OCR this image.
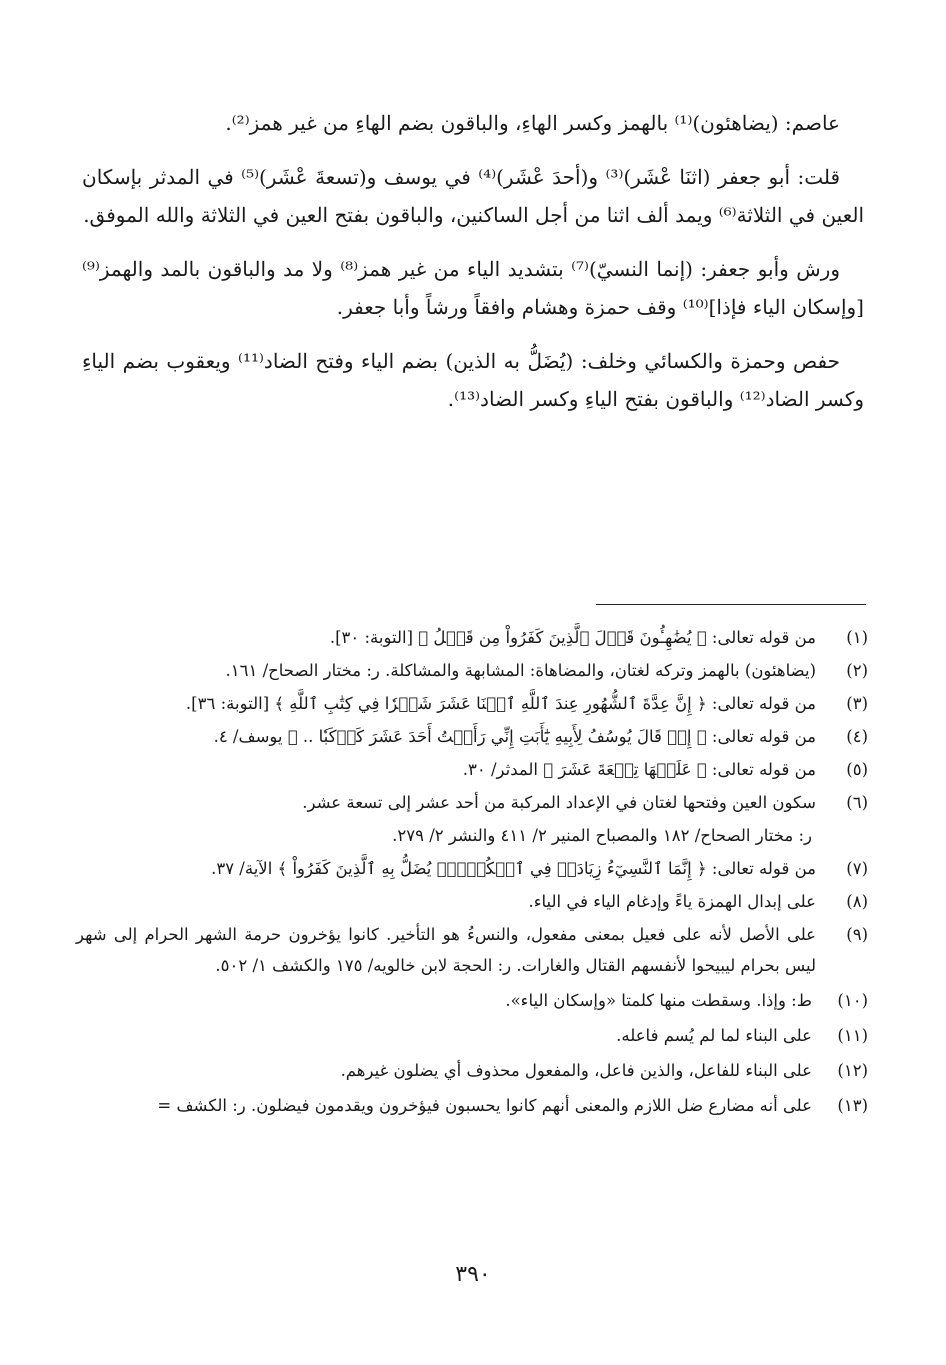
عاصم: (يضاهئون)⁽¹⁾ بالهمز وكسر الهاءِ، والباقون بضم الهاءِ من غير همز⁽²⁾.

قلت: أبو جعفر (اثنَا عْشَر)⁽³⁾ و(أحدَ عْشَر)⁽⁴⁾ في يوسف و(تسعةَ عْشَر)⁽⁵⁾ في المدثر بإسكان العين في الثلاثة⁽⁶⁾ ويمد ألف اثنا من أجل الساكنين، والباقون بفتح العين في الثلاثة والله الموفق.

ورش وأبو جعفر: (إنما النسيّ)⁽⁷⁾ بتشديد الياء من غير همز⁽⁸⁾ ولا مد والباقون بالمد والهمز⁽⁹⁾ [وإسكان الياء فإذا]⁽¹⁰⁾ وقف حمزة وهشام وافقاً ورشاً وأبا جعفر.

حفص وحمزة والكسائي وخلف: (يُضَلُّ به الذين) بضم الياء وفتح الضاد⁽¹¹⁾ ويعقوب بضم الياءِ وكسر الضاد⁽¹²⁾ والباقون بفتح الياءِ وكسر الضاد⁽¹³⁾.

(١)
من قوله تعالى: ﴿ يُضَٰهِـُٔونَ قَوۡلَ ٱلَّذِينَ كَفَرُواْ مِن قَبۡلُ ﴾ [التوبة: ٣٠].
(٢)
(يضاهئون) بالهمز وتركه لغتان، والمضاهاة: المشابهة والمشاكلة. ر: مختار الصحاح/ ١٦١.
(٣)
من قوله تعالى: ﴿ إِنَّ عِدَّةَ ٱلشُّهُورِ عِندَ ٱللَّهِ ٱثۡنَا عَشَرَ شَهۡرٗا فِي كِتَٰبِ ٱللَّهِ ﴾ [التوبة: ٣٦].
(٤)
من قوله تعالى: ﴿ إِذۡ قَالَ يُوسُفُ لِأَبِيهِ يَٰٓأَبَتِ إِنِّي رَأَيۡتُ أَحَدَ عَشَرَ كَوۡكَبٗا .. ﴾ يوسف/ ٤.
(٥)
من قوله تعالى: ﴿ عَلَيۡهَا تِسۡعَةَ عَشَرَ ﴾ المدثر/ ٣٠.
(٦)
سكون العين وفتحها لغتان في الإعداد المركبة من أحد عشر إلى تسعة عشر.
ر: مختار الصحاح/ ١٨٢ والمصباح المنير ٢/ ٤١١ والنشر ٢/ ٢٧٩.
(٧)
من قوله تعالى: ﴿ إِنَّمَا ٱلنَّسِيٓءُ زِيَادَةٞ فِي ٱلۡكُفۡرِۖ يُضَلُّ بِهِ ٱلَّذِينَ كَفَرُواْ ﴾ الآية/ ٣٧.
(٨)
على إبدال الهمزة ياءً وإدغام الياء في الياء.
(٩)
على الأصل لأنه على فعيل بمعنى مفعول، والنسءُ هو التأخير. كانوا يؤخرون حرمة الشهر الحرام إلى شهر ليس بحرام ليبيحوا لأنفسهم القتال والغارات. ر: الحجة لابن خالويه/ ١٧٥ والكشف ١/ ٥٠٢.
(١٠)
ط: وإذا. وسقطت منها كلمتا «وإسكان الياء».
(١١)
على البناء لما لم يُسم فاعله.
(١٢)
على البناء للفاعل، والذين فاعل، والمفعول محذوف أي يضلون غيرهم.
(١٣)
على أنه مضارع ضل اللازم والمعنى أنهم كانوا يحسبون فيؤخرون ويقدمون فيضلون. ر: الكشف =
٣٩٠
